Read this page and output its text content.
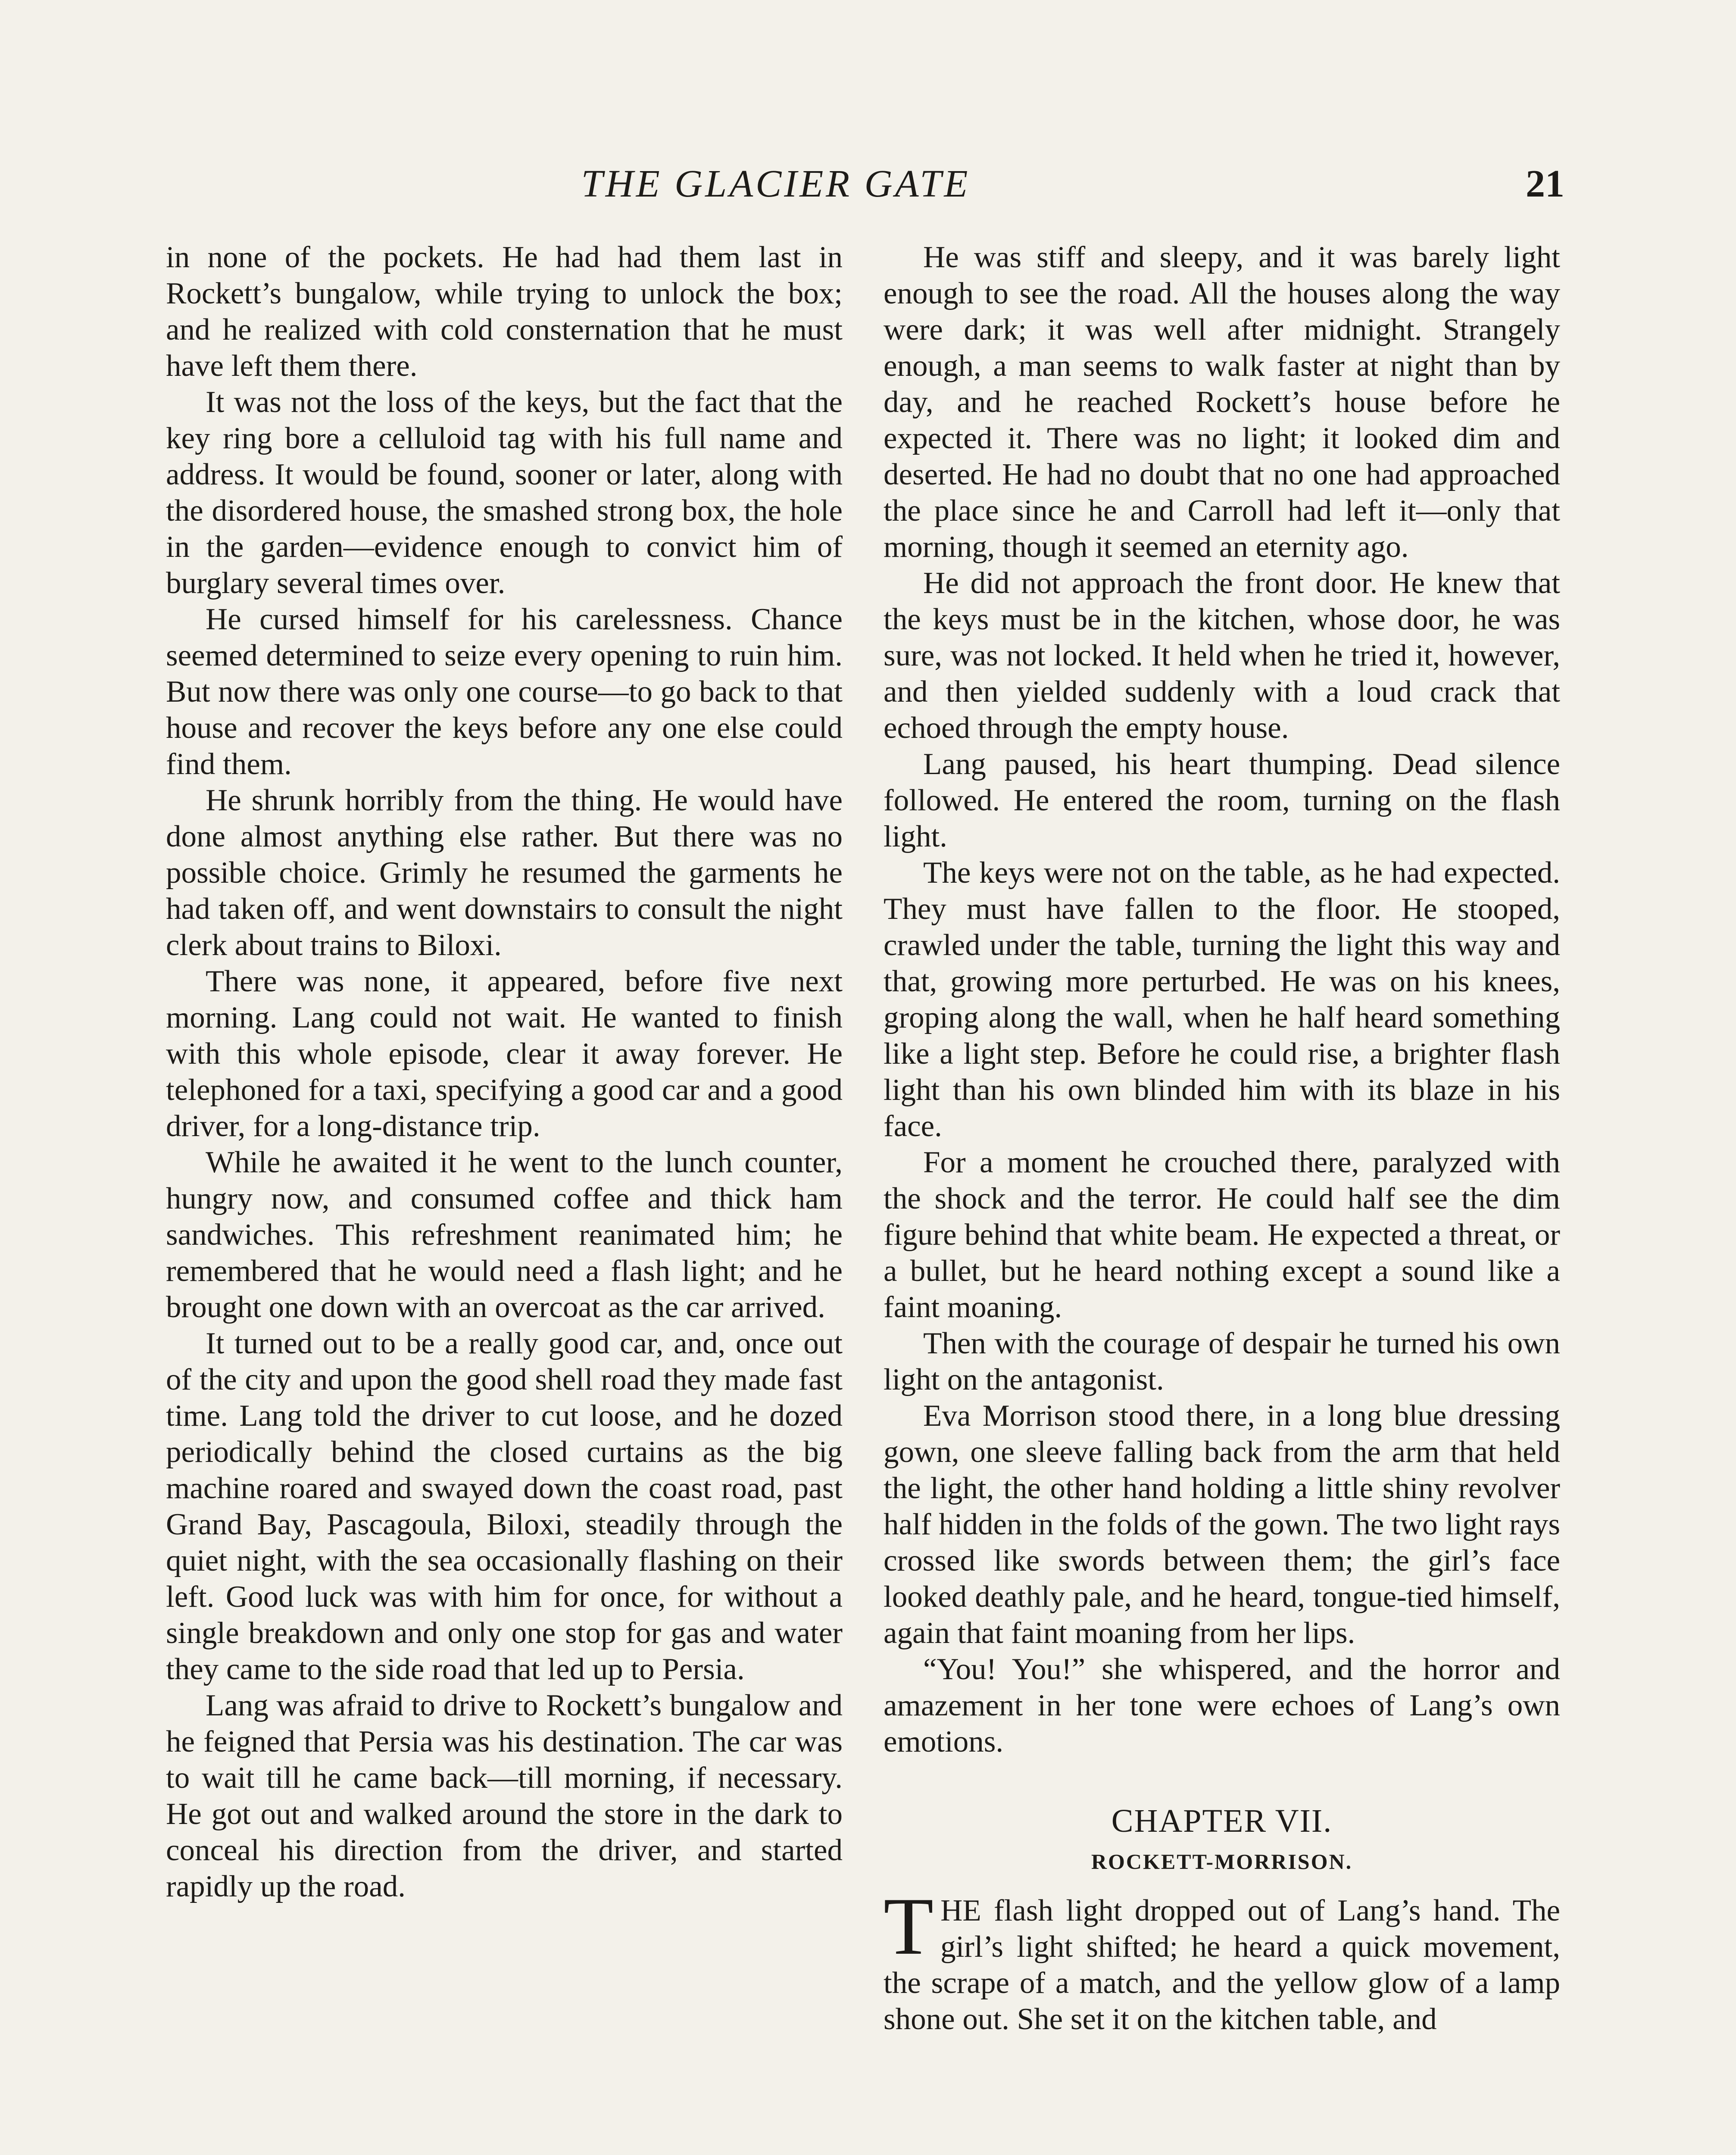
THE GLACIER GATE	21

in none of the pockets. He had had them last in Rockett’s bungalow, while trying to unlock the box; and he realized with cold consternation that he must have left them there.

It was not the loss of the keys, but the fact that the key ring bore a celluloid tag with his full name and address. It would be found, sooner or later, along with the disordered house, the smashed strong box, the hole in the garden—evidence enough to convict him of burglary several times over.

He cursed himself for his carelessness. Chance seemed determined to seize every opening to ruin him. But now there was only one course—to go back to that house and recover the keys before any one else could find them.

He shrunk horribly from the thing. He would have done almost anything else rather. But there was no possible choice. Grimly he resumed the garments he had taken off, and went downstairs to consult the night clerk about trains to Biloxi.

There was none, it appeared, before five next morning. Lang could not wait. He wanted to finish with this whole episode, clear it away forever. He telephoned for a taxi, specifying a good car and a good driver, for a long-distance trip.

While he awaited it he went to the lunch counter, hungry now, and consumed coffee and thick ham sandwiches. This refreshment reanimated him; he remembered that he would need a flash light; and he brought one down with an overcoat as the car arrived.

It turned out to be a really good car, and, once out of the city and upon the good shell road they made fast time. Lang told the driver to cut loose, and he dozed periodically behind the closed curtains as the big machine roared and swayed down the coast road, past Grand Bay, Pascagoula, Biloxi, steadily through the quiet night, with the sea occasionally flashing on their left. Good luck was with him for once, for without a single breakdown and only one stop for gas and water they came to the side road that led up to Persia.

Lang was afraid to drive to Rockett’s bungalow and he feigned that Persia was his destination. The car was to wait till he came back—till morning, if necessary. He got out and walked around the store in the dark to conceal his direction from the driver, and started rapidly up the road.

He was stiff and sleepy, and it was barely light enough to see the road. All the houses along the way were dark; it was well after midnight. Strangely enough, a man seems to walk faster at night than by day, and he reached Rockett’s house before he expected it. There was no light; it looked dim and deserted. He had no doubt that no one had approached the place since he and Carroll had left it—only that morning, though it seemed an eternity ago.

He did not approach the front door. He knew that the keys must be in the kitchen, whose door, he was sure, was not locked. It held when he tried it, however, and then yielded suddenly with a loud crack that echoed through the empty house.

Lang paused, his heart thumping. Dead silence followed. He entered the room, turning on the flash light.

The keys were not on the table, as he had expected. They must have fallen to the floor. He stooped, crawled under the table, turning the light this way and that, growing more perturbed. He was on his knees, groping along the wall, when he half heard something like a light step. Before he could rise, a brighter flash light than his own blinded him with its blaze in his face.

For a moment he crouched there, paralyzed with the shock and the terror. He could half see the dim figure behind that white beam. He expected a threat, or a bullet, but he heard nothing except a sound like a faint moaning.

Then with the courage of despair he turned his own light on the antagonist.

Eva Morrison stood there, in a long blue dressing gown, one sleeve falling back from the arm that held the light, the other hand holding a little shiny revolver half hidden in the folds of the gown. The two light rays crossed like swords between them; the girl’s face looked deathly pale, and he heard, tongue-tied himself, again that faint moaning from her lips.

“You! You!” she whispered, and the horror and amazement in her tone were echoes of Lang’s own emotions.

CHAPTER VII.
ROCKETT-MORRISON.

THE flash light dropped out of Lang’s hand. The girl’s light shifted; he heard a quick movement, the scrape of a match, and the yellow glow of a lamp shone out. She set it on the kitchen table, and
